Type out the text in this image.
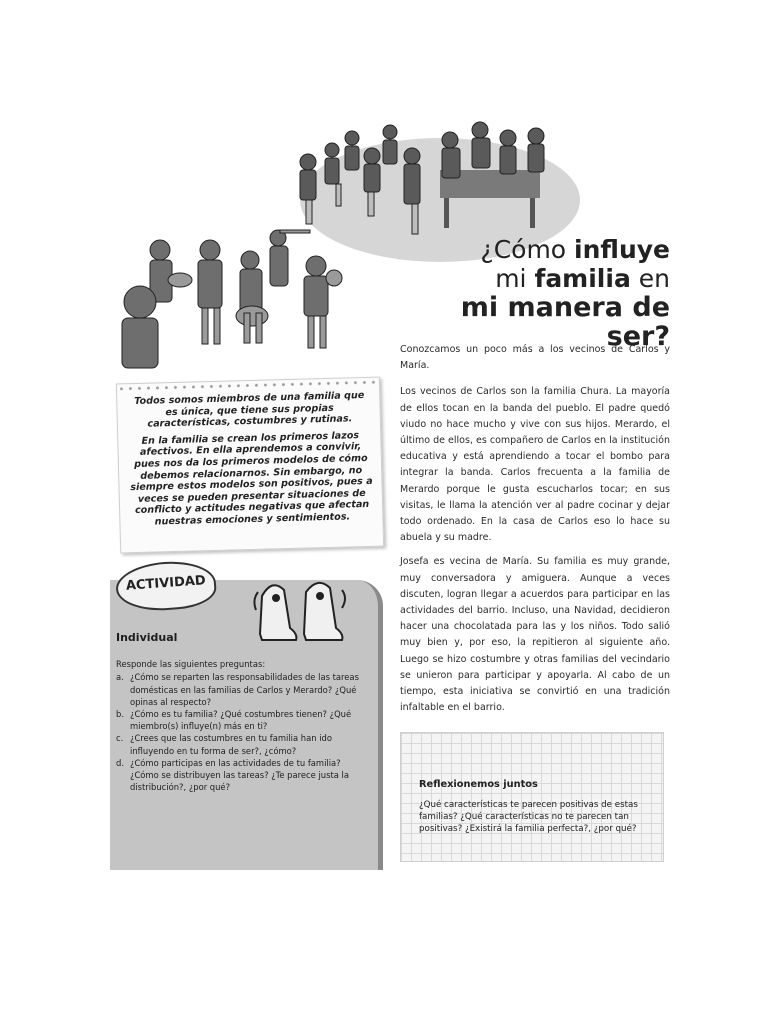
¿Cómo influye
mi familia en
mi manera de ser?

Todos somos miembros de una familia que es única, que tiene sus propias características, costumbres y rutinas.

En la familia se crean los primeros lazos afectivos. En ella aprendemos a convivir, pues nos da los primeros modelos de cómo debemos relacionarnos. Sin embargo, no siempre estos modelos son positivos, pues a veces se pueden presentar situaciones de conflicto y actitudes negativas que afectan nuestras emociones y sentimientos.

ACTIVIDAD
Individual

Responde las siguientes preguntas:

a. ¿Cómo se reparten las responsabilidades de las tareas domésticas en las familias de Carlos y Merardo? ¿Qué opinas al respecto?
b. ¿Cómo es tu familia? ¿Qué costumbres tienen? ¿Qué miembro(s) influye(n) más en ti?
c. ¿Crees que las costumbres en tu familia han ido influyendo en tu forma de ser?, ¿cómo?
d. ¿Cómo participas en las actividades de tu familia? ¿Cómo se distribuyen las tareas? ¿Te parece justa la distribución?, ¿por qué?

Conozcamos un poco más a los vecinos de Carlos y María.

Los vecinos de Carlos son la familia Chura. La mayoría de ellos tocan en la banda del pueblo. El padre quedó viudo no hace mucho y vive con sus hijos. Merardo, el último de ellos, es compañero de Carlos en la institución educativa y está aprendiendo a tocar el bombo para integrar la banda. Carlos frecuenta a la familia de Merardo porque le gusta escucharlos tocar; en sus visitas, le llama la atención ver al padre cocinar y dejar todo ordenado. En la casa de Carlos eso lo hace su abuela y su madre.

Josefa es vecina de María. Su familia es muy grande, muy conversadora y amiguera. Aunque a veces discuten, logran llegar a acuerdos para participar en las actividades del barrio. Incluso, una Navidad, decidieron hacer una chocolatada para las y los niños. Todo salió muy bien y, por eso, la repitieron al siguiente año. Luego se hizo costumbre y otras familias del vecindario se unieron para participar y apoyarla. Al cabo de un tiempo, esta iniciativa se convirtió en una tradición infaltable en el barrio.

Reflexionemos juntos
¿Qué características te parecen positivas de estas familias? ¿Qué características no te parecen tan positivas? ¿Existirá la familia perfecta?, ¿por qué?
